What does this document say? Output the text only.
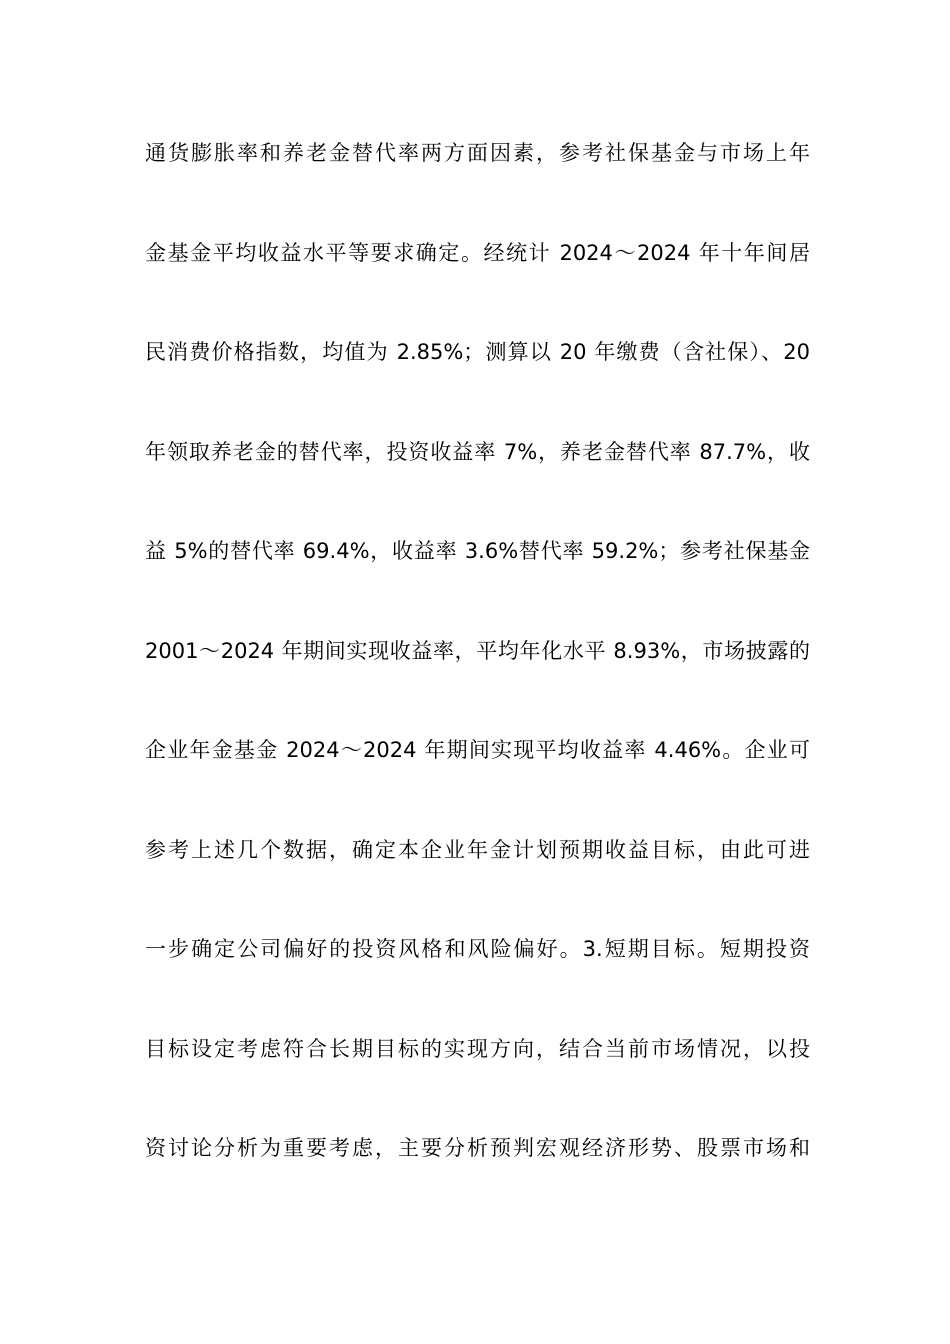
通货膨胀率和养老金替代率两方面因素，参考社保基金与市场上年
金基金平均收益水平等要求确定。经统计 2024～2024 年十年间居
民消费价格指数，均值为 2.85%；测算以 20 年缴费（含社保）、20
年领取养老金的替代率，投资收益率 7%，养老金替代率 87.7%，收
益 5%的替代率 69.4%，收益率 3.6%替代率 59.2%；参考社保基金
2001～2024 年期间实现收益率，平均年化水平 8.93%，市场披露的
企业年金基金 2024～2024 年期间实现平均收益率 4.46%。企业可
参考上述几个数据，确定本企业年金计划预期收益目标，由此可进
一步确定公司偏好的投资风格和风险偏好。3.短期目标。短期投资
目标设定考虑符合长期目标的实现方向，结合当前市场情况，以投
资讨论分析为重要考虑，主要分析预判宏观经济形势、股票市场和
